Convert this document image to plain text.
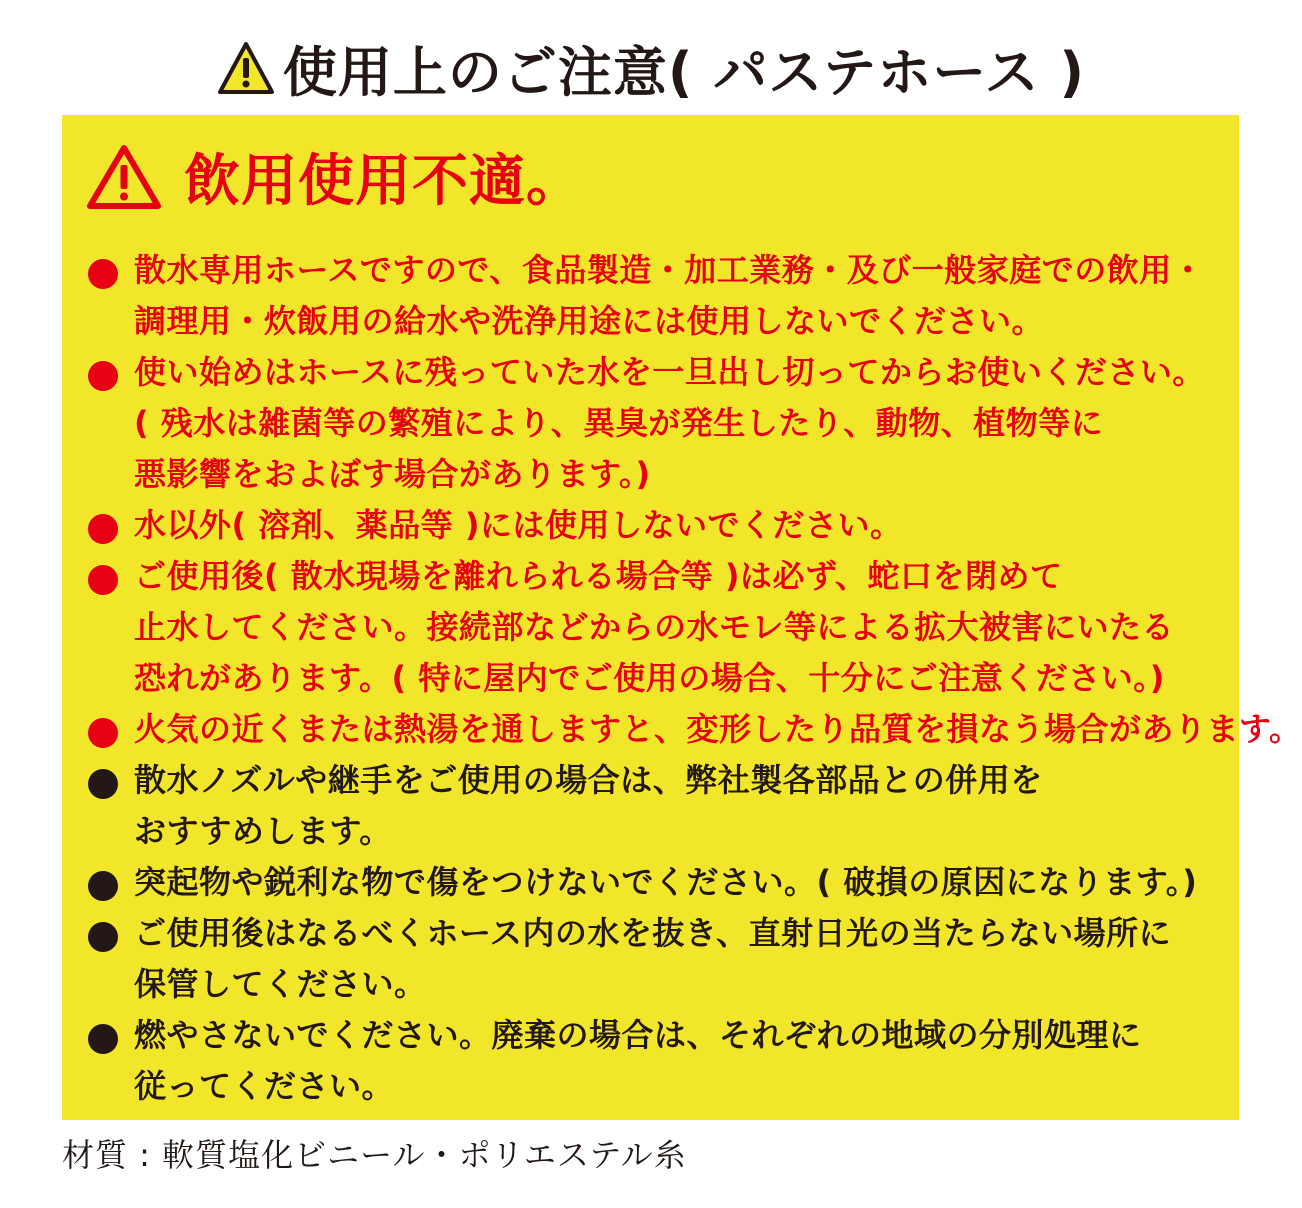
使用上のご注意( パステホース )
飲用使用不適。
散水専用ホースですので、食品製造・加工業務・及び一般家庭での飲用・
調理用・炊飯用の給水や洗浄用途には使用しないでください。
使い始めはホースに残っていた水を一旦出し切ってからお使いください。
( 残水は雑菌等の繁殖により、異臭が発生したり、動物、植物等に
悪影響をおよぼす場合があります。)
水以外( 溶剤、薬品等 )には使用しないでください。
ご使用後( 散水現場を離れられる場合等 )は必ず、蛇口を閉めて
止水してください。接続部などからの水モレ等による拡大被害にいたる
恐れがあります。( 特に屋内でご使用の場合、十分にご注意ください。)
火気の近くまたは熱湯を通しますと、変形したり品質を損なう場合があります。
散水ノズルや継手をご使用の場合は、弊社製各部品との併用を
おすすめします。
突起物や鋭利な物で傷をつけないでください。( 破損の原因になります。)
ご使用後はなるべくホース内の水を抜き、直射日光の当たらない場所に
保管してください。
燃やさないでください。廃棄の場合は、それぞれの地域の分別処理に
従ってください。
材質 : 軟質塩化ビニール・ポリエステル糸
